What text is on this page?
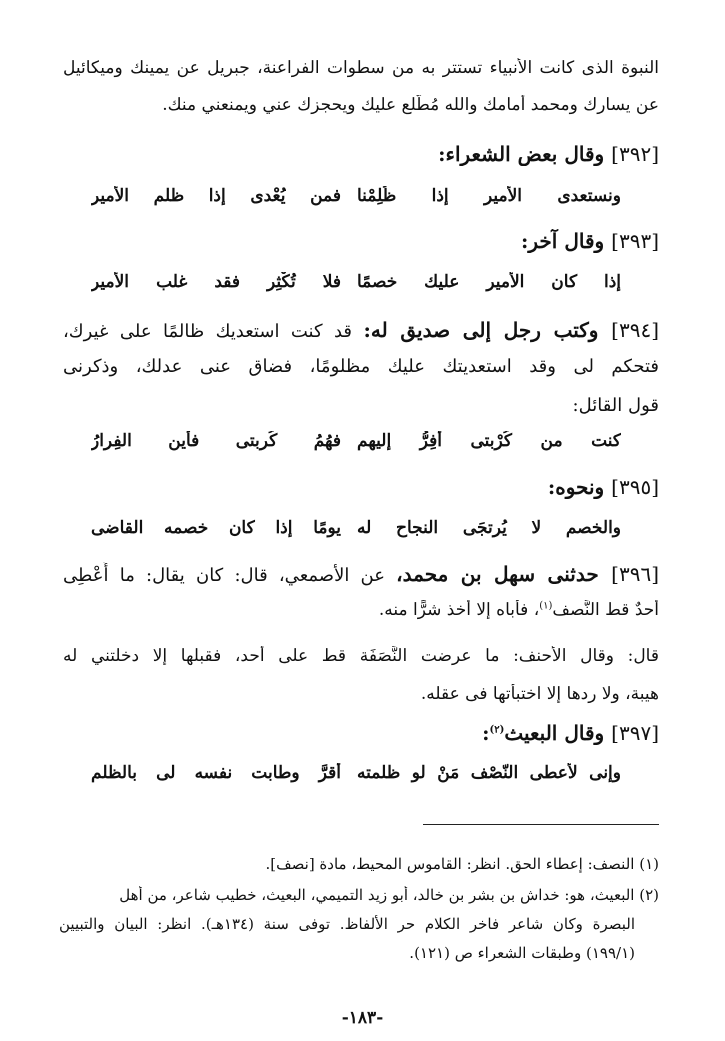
النبوة الذى كانت الأنبياء تستتر به من سطوات الفراعنة، جبريل عن يمينك وميكائيل
عن يسارك ومحمد أمامك والله مُطَّلع عليك ويحجزك عني ويمنعني منك.
[٣٩٢] وقال بعض الشعراء:
ونستعدى الأمير إذا ظُلِمْنا
فمن يُعْدى إذا ظلم الأمير
[٣٩٣] وقال آخر:
إذا كان الأمير عليك خصمًا
فلا تُكْثِر فقد غلب الأمير
[٣٩٤] وكتب رجل إلى صديق له: قد كنت استعديك ظالمًا على غيرك،
فتحكم لى وقد استعديتك عليك مظلومًا، فضاق عنى عدلك، وذكرنى
قول القائل:
كنت من كُرْبتى أَفِرُّ إليهم
فهُمُ كُربتى فأين الفِرارُ
[٣٩٥] ونحوه:
والخصم لا يُرتجَى النجاح له
يومًا إذا كان خصمه القاضى
[٣٩٦] حدثنى سهل بن محمد، عن الأصمعي، قال: كان يقال: ما أُعْطِى
أحدٌ قط النَّصف$^{(١)}$، فأباه إلا أخذ شرًّا منه.
قال: وقال الأحنف: ما عرضت النَّصَفَة قط على أحد، فقبلها إلا دخلتني له
هيبة، ولا ردها إلا اختبأتها فى عقله.
[٣٩٧] وقال البعيث$^{(٢)}$:
وإنى لأعطى النّصْف مَنْ لو ظلمته
أقرَّ وطابت نفسه لى بالظلم
(١) النصف: إعطاء الحق. انظر: القاموس المحيط، مادة [نصف].
(٢) البعيث، هو: خداش بن بشر بن خالد، أبو زيد التميمي، البعيث، خطيب شاعر، من أهل
البصرة وكان شاعر فاخر الكلام حر الألفاظ. توفى سنة (١٣٤هـ). انظر: البيان والتبيين
(١٩٩/١) وطبقات الشعراء ص (١٢١).
-١٨٣-
